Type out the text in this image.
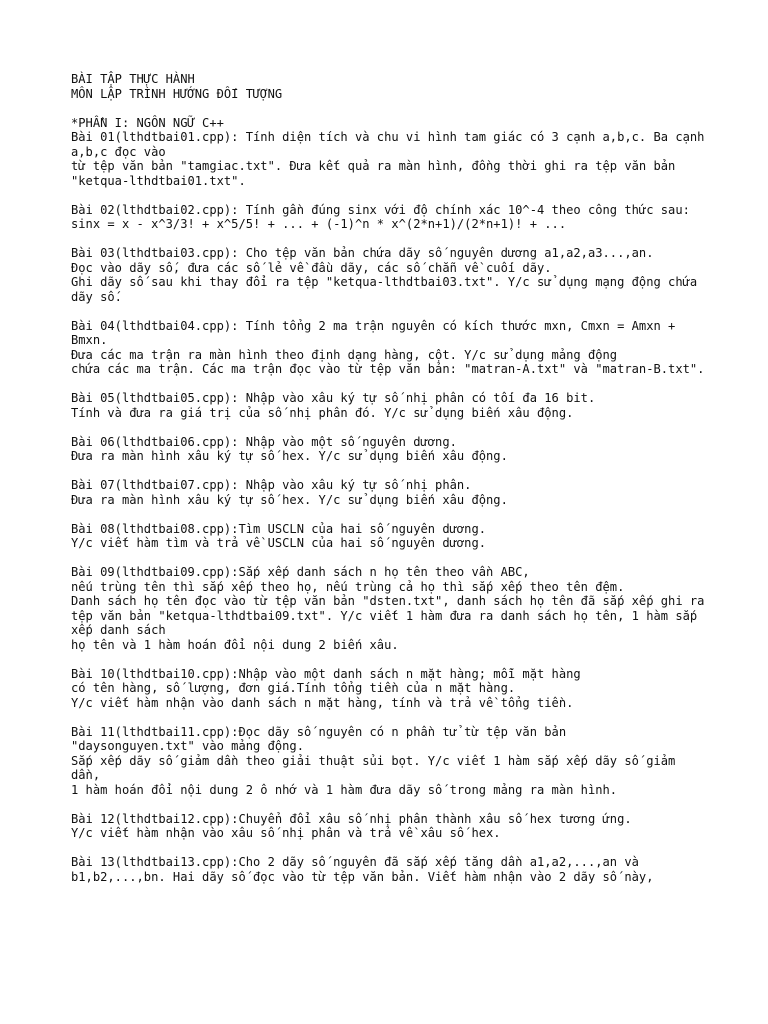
BÀI TẬP THỰC HÀNH
MÔN LẬP TRÌNH HƯỚNG ĐỐI TƯỢNG
*PHẦN I: NGÔN NGỮ C++
Bài 01(lthdtbai01.cpp): Tính diện tích và chu vi hình tam giác có 3 cạnh a,b,c. Ba cạnh a,b,c đọc vào
từ tệp văn bản "tamgiac.txt". Đưa kết quả ra màn hình, đồng thời ghi ra tệp văn bản "ketqua-lthdtbai01.txt".
Bài 02(lthdtbai02.cpp): Tính gần đúng sinx với độ chính xác 10^-4 theo công thức sau:
sinx = x - x^3/3! + x^5/5! + ... + (-1)^n * x^(2*n+1)/(2*n+1)! + ...
Bài 03(lthdtbai03.cpp): Cho tệp văn bản chứa dãy số nguyên dương a1,a2,a3...,an.
Đọc vào dãy số, đưa các số lẻ về đầu dãy, các số chẵn về cuối dãy.
Ghi dãy số sau khi thay đổi ra tệp "ketqua-lthdtbai03.txt". Y/c sử dụng mạng động chứa dãy số.
Bài 04(lthdtbai04.cpp): Tính tổng 2 ma trận nguyên có kích thước mxn, Cmxn = Amxn + Bmxn.
Đưa các ma trận ra màn hình theo định dạng hàng, cột. Y/c sử dụng mảng động
chứa các ma trận. Các ma trận đọc vào từ tệp văn bản: "matran-A.txt" và "matran-B.txt".
Bài 05(lthdtbai05.cpp): Nhập vào xâu ký tự số nhị phân có tối đa 16 bit.
Tính và đưa ra giá trị của số nhị phân đó. Y/c sử dụng biến xâu động.
Bài 06(lthdtbai06.cpp): Nhập vào một số nguyên dương.
Đưa ra màn hình xâu ký tự số hex. Y/c sử dụng biến xâu động.
Bài 07(lthdtbai07.cpp): Nhập vào xâu ký tự số nhị phân.
Đưa ra màn hình xâu ký tự số hex. Y/c sử dụng biến xâu động.
Bài 08(lthdtbai08.cpp):Tìm USCLN của hai số nguyên dương.
Y/c viết hàm tìm và trả về USCLN của hai số nguyên dương.
Bài 09(lthdtbai09.cpp):Sắp xếp danh sách n họ tên theo vần ABC,
nếu trùng tên thì sắp xếp theo họ, nếu trùng cả họ thì sắp xếp theo tên đệm.
Danh sách họ tên đọc vào từ tệp văn bản "dsten.txt", danh sách họ tên đã sắp xếp ghi ra
tệp văn bản "ketqua-lthdtbai09.txt". Y/c viết 1 hàm đưa ra danh sách họ tên, 1 hàm sắp xếp danh sách
họ tên và 1 hàm hoán đổi nội dung 2 biến xâu.
Bài 10(lthdtbai10.cpp):Nhập vào một danh sách n mặt hàng; mỗi mặt hàng
có tên hàng, số lượng, đơn giá.Tính tổng tiền của n mặt hàng.
Y/c viết hàm nhận vào danh sách n mặt hàng, tính và trả về tổng tiền.
Bài 11(lthdtbai11.cpp):Đọc dãy số nguyên có n phần tử từ tệp văn bản
"daysonguyen.txt" vào mảng động.
Sắp xếp dãy số giảm dần theo giải thuật sủi bọt. Y/c viết 1 hàm sắp xếp dãy số giảm dần,
1 hàm hoán đổi nội dung 2 ô nhớ và 1 hàm đưa dãy số trong mảng ra màn hình.
Bài 12(lthdtbai12.cpp):Chuyển đổi xâu số nhị phân thành xâu số hex tương ứng.
Y/c viết hàm nhận vào xâu số nhị phân và trả về xâu số hex.
Bài 13(lthdtbai13.cpp):Cho 2 dãy số nguyên đã sắp xếp tăng dần a1,a2,...,an và
b1,b2,...,bn. Hai dãy số đọc vào từ tệp văn bản. Viết hàm nhận vào 2 dãy số này,
